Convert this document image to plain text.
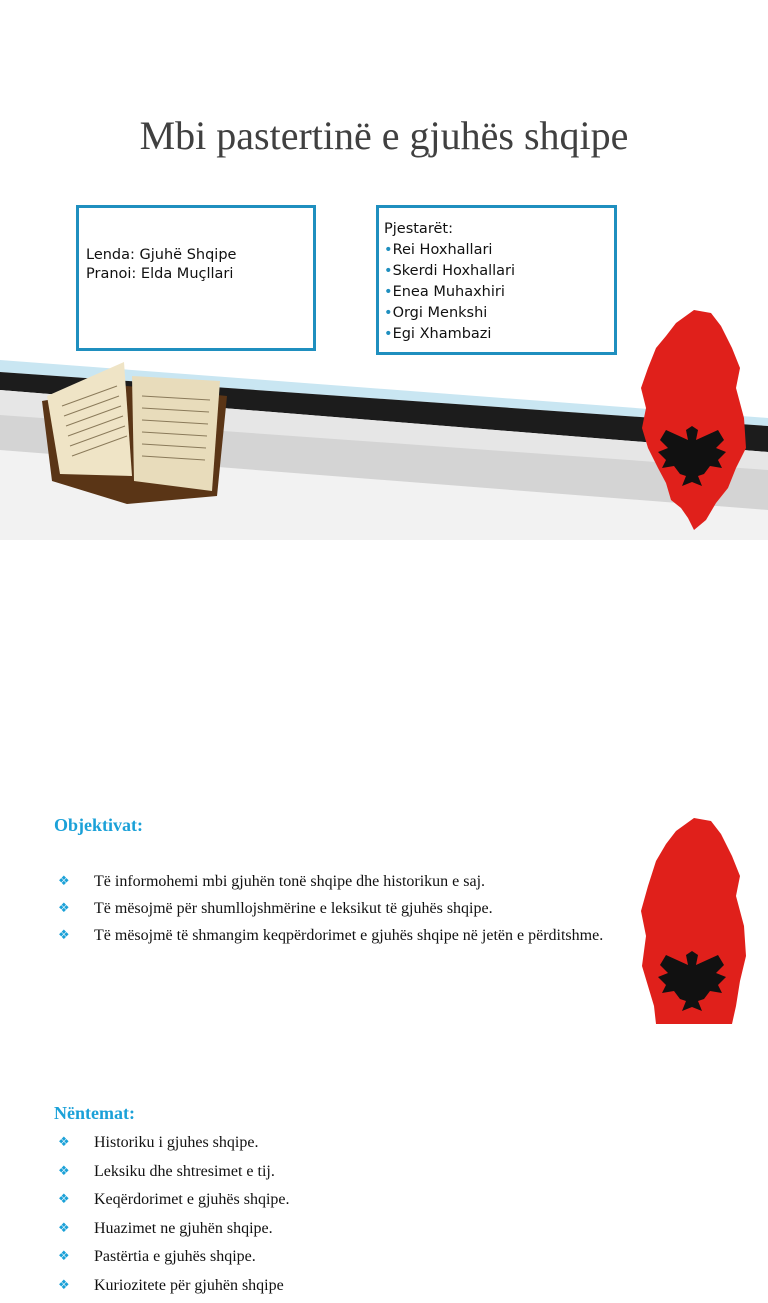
Mbi pastertinë e gjuhës shqipe
Lenda: Gjuhë Shqipe
Pranoi: Elda Muçllari
Pjestarët:
•Rei Hoxhallari
•Skerdi Hoxhallari
•Enea Muhaxhiri
•Orgi Menkshi
•Egi Xhambazi
Nëntemat:
❖ Historiku i gjuhes shqipe.
❖ Leksiku dhe shtresimet e tij.
❖ Keqërdorimet e gjuhës shqipe.
❖ Huazimet ne gjuhën shqipe.
❖ Pastërtia e gjuhës shqipe.
❖ Kuriozitete për gjuhën shqipe
Objektivat:
❖ Të informohemi mbi gjuhën tonë shqipe dhe historikun e saj.
❖ Të mësojmë për shumllojshmërine e leksikut të gjuhës shqipe.
❖ Të mësojmë të shmangim keqpërdorimet e gjuhës shqipe në jetën e përditshme.
